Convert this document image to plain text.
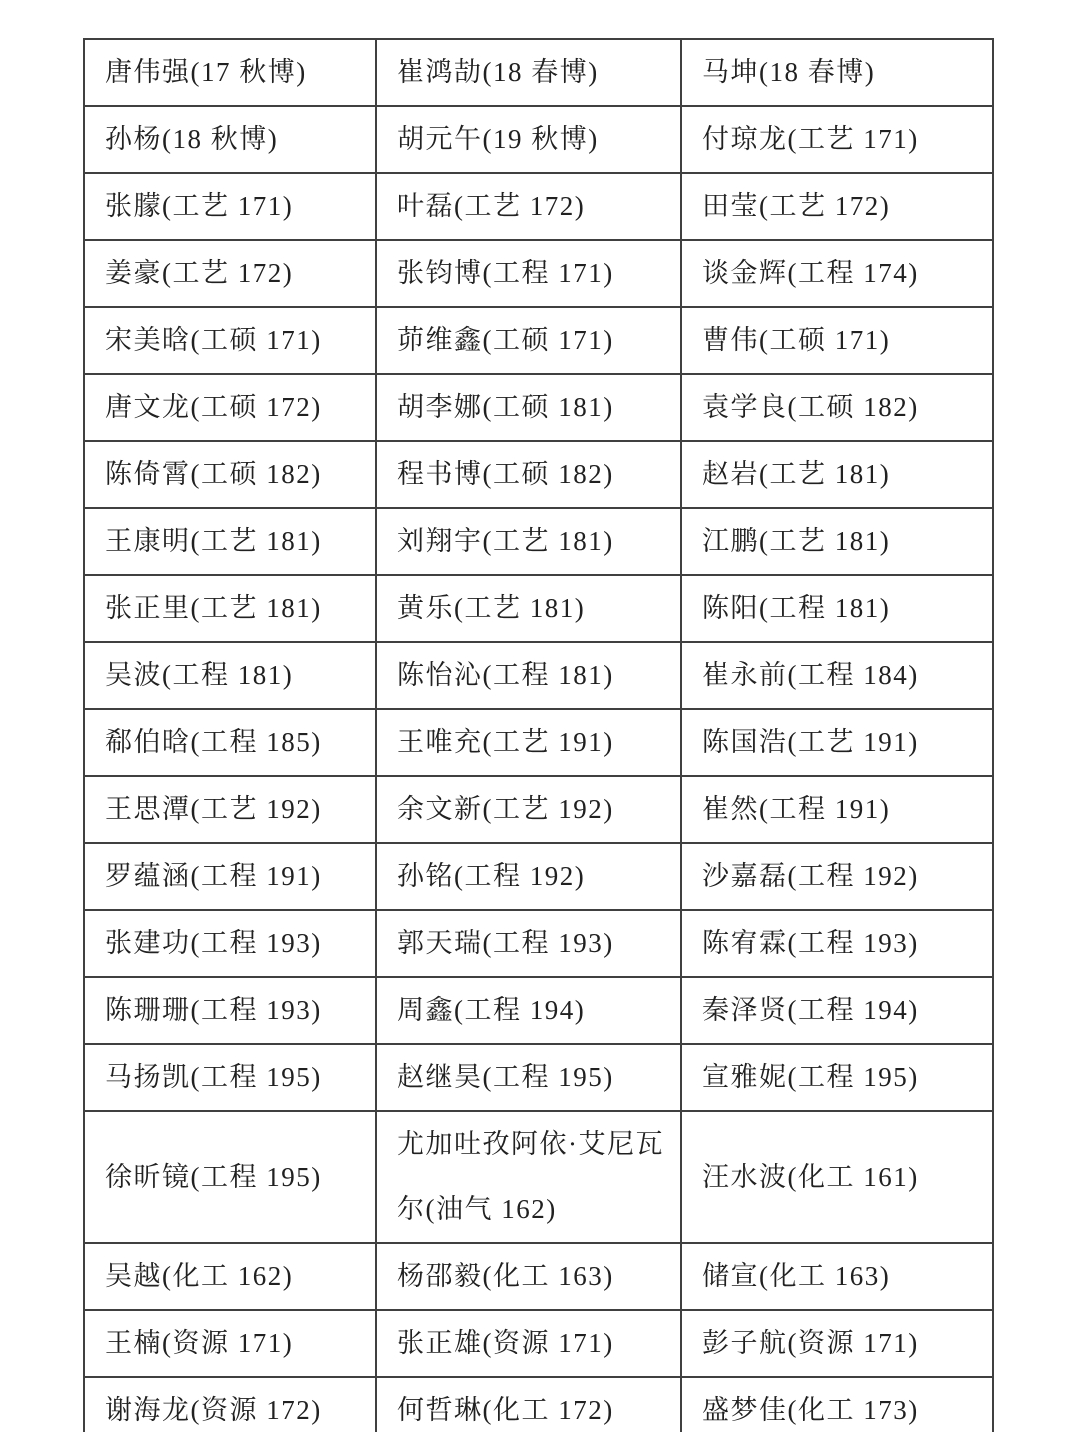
唐伟强(17 秋博)	崔鸿劼(18 春博)	马坤(18 春博)
孙杨(18 秋博)	胡元午(19 秋博)	付琼龙(工艺 171)
张朦(工艺 171)	叶磊(工艺 172)	田莹(工艺 172)
姜豪(工艺 172)	张钧博(工程 171)	谈金辉(工程 174)
宋美晗(工硕 171)	茆维鑫(工硕 171)	曹伟(工硕 171)
唐文龙(工硕 172)	胡李娜(工硕 181)	袁学良(工硕 182)
陈倚霄(工硕 182)	程书博(工硕 182)	赵岩(工艺 181)
王康明(工艺 181)	刘翔宇(工艺 181)	江鹏(工艺 181)
张正里(工艺 181)	黄乐(工艺 181)	陈阳(工程 181)
吴波(工程 181)	陈怡沁(工程 181)	崔永前(工程 184)
郗伯晗(工程 185)	王唯充(工艺 191)	陈国浩(工艺 191)
王思潭(工艺 192)	余文新(工艺 192)	崔然(工程 191)
罗蕴涵(工程 191)	孙铭(工程 192)	沙嘉磊(工程 192)
张建功(工程 193)	郭天瑞(工程 193)	陈宥霖(工程 193)
陈珊珊(工程 193)	周鑫(工程 194)	秦泽贤(工程 194)
马扬凯(工程 195)	赵继昊(工程 195)	宣雅妮(工程 195)
徐昕镜(工程 195)	尤加吐孜阿依·艾尼瓦尔(油气 162)	汪水波(化工 161)
吴越(化工 162)	杨邵毅(化工 163)	储宣(化工 163)
王楠(资源 171)	张正雄(资源 171)	彭子航(资源 171)
谢海龙(资源 172)	何哲琳(化工 172)	盛梦佳(化工 173)
